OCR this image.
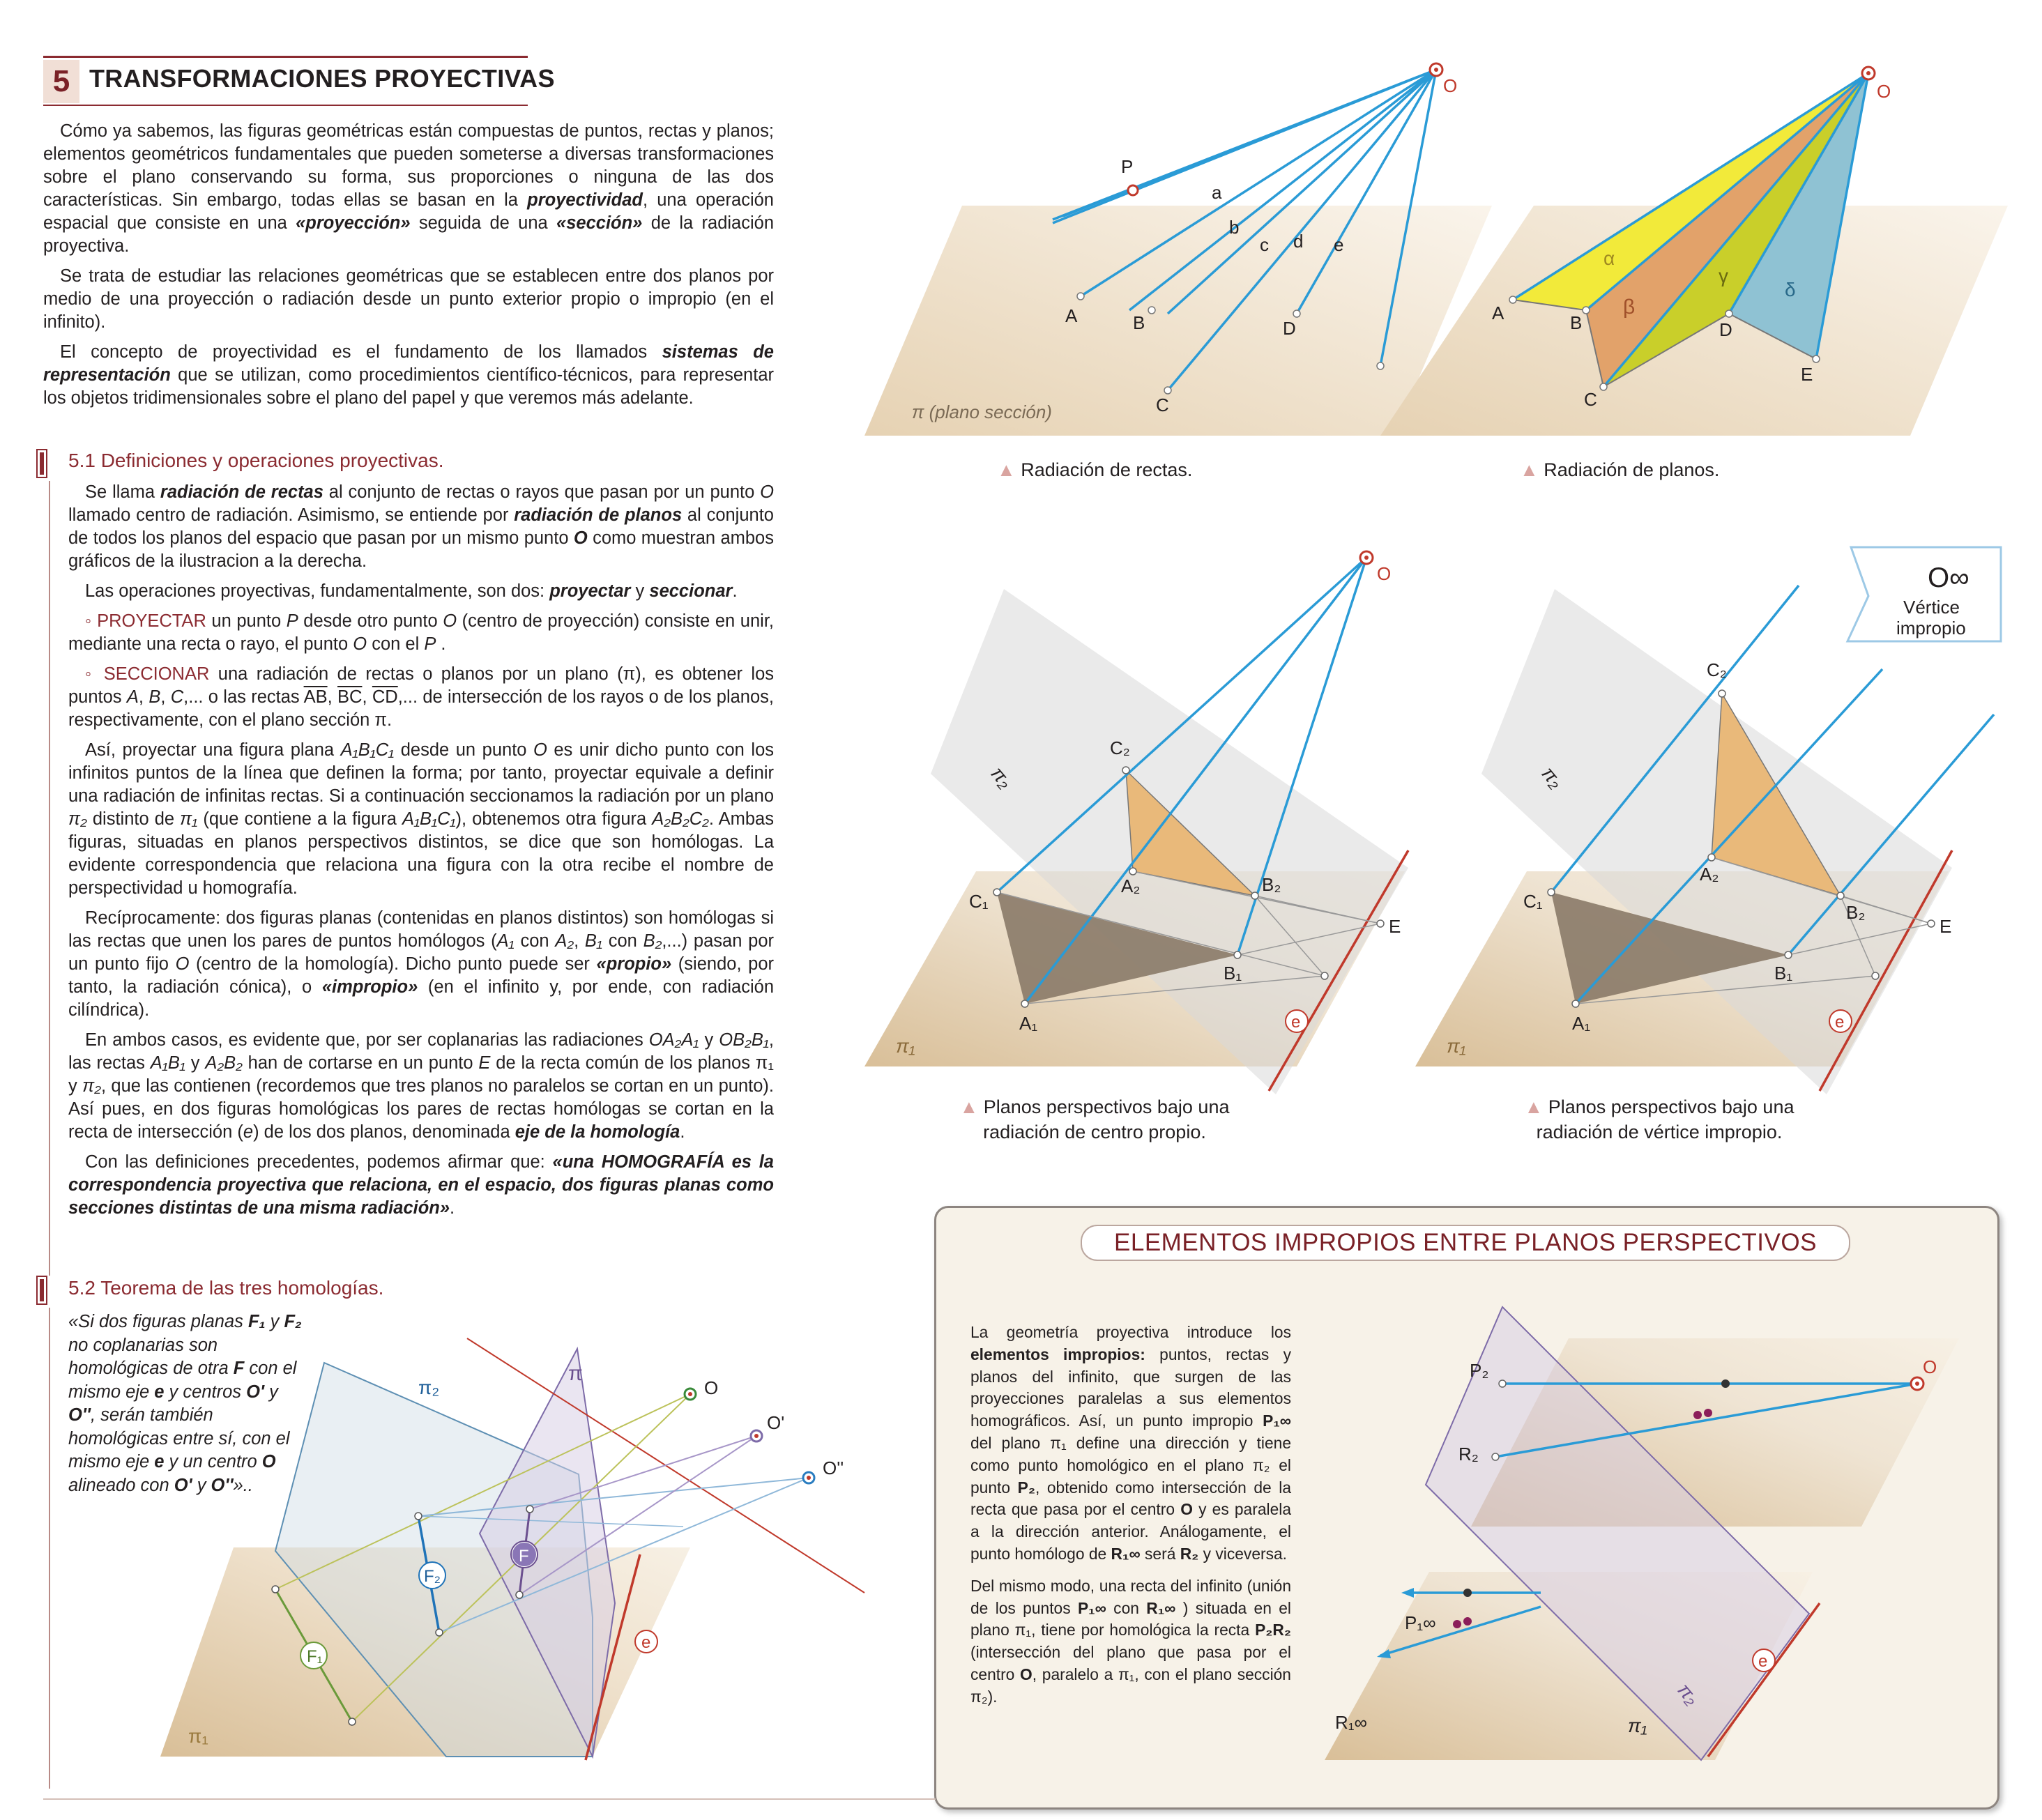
5 TRANSFORMACIONES PROYECTIVAS

Cómo ya sabemos, las figuras geométricas están compuestas de puntos, rectas y planos; elementos geométricos fundamentales que pueden someterse a diversas transformaciones sobre el plano conservando su forma, sus proporciones o ninguna de las dos características. Sin embargo, todas ellas se basan en la proyectividad, una operación espacial que consiste en una «proyección» seguida de una «sección» de la radiación proyectiva.

Se trata de estudiar las relaciones geométricas que se establecen entre dos planos por medio de una proyección o radiación desde un punto exterior propio o impropio (en el infinito).

El concepto de proyectividad es el fundamento de los llamados sistemas de representación que se utilizan, como procedimientos científico-técnicos, para representar los objetos tridimensionales sobre el plano del papel y que veremos más adelante.

5.1 Definiciones y operaciones proyectivas.

Se llama radiación de rectas al conjunto de rectas o rayos que pasan por un punto O llamado centro de radiación. Asimismo, se entiende por radiación de planos al conjunto de todos los planos del espacio que pasan por un mismo punto O como muestran ambos gráficos de la ilustracion a la derecha.

Las operaciones proyectivas, fundamentalmente, son dos: proyectar y seccionar.

◦ PROYECTAR un punto P desde otro punto O (centro de proyección) consiste en unir, mediante una recta o rayo, el punto O con el P .

◦ SECCIONAR una radiación de rectas o planos por un plano (π), es obtener los puntos A, B, C,... o las rectas $\overline{AB}$, $\overline{BC}$, $\overline{CD}$,... de intersección de los rayos o de los planos, respectivamente, con el plano sección π.

Así, proyectar una figura plana A₁B₁C₁ desde un punto O es unir dicho punto con los infinitos puntos de la línea que definen la forma; por tanto, proyectar equivale a definir una radiación de infinitas rectas. Si a continuación seccionamos la radiación por un plano π₂ distinto de π₁ (que contiene a la figura A₁B₁C₁), obtenemos otra figura A₂B₂C₂. Ambas figuras, situadas en planos perspectivos distintos, se dice que son homólogas. La evidente correspondencia que relaciona una figura con la otra recibe el nombre de perspectividad u homografía.

Recíprocamente: dos figuras planas (contenidas en planos distintos) son homólogas si las rectas que unen los pares de puntos homólogos (A₁ con A₂, B₁ con B₂,...) pasan por un punto fijo O (centro de la homología). Dicho punto puede ser «propio» (siendo, por tanto, la radiación cónica), o «impropio» (en el infinito y, por ende, con radiación cilíndrica).

En ambos casos, es evidente que, por ser coplanarias las radiaciones OA₂A₁ y OB₂B₁, las rectas A₁B₁ y A₂B₂ han de cortarse en un punto E de la recta común de los planos π₁ y π₂, que las contienen (recordemos que tres planos no paralelos se cortan en un punto). Así pues, en dos figuras homológicas los pares de rectas homólogas se cortan en la recta de intersección (e) de los dos planos, denominada eje de la homología.

Con las definiciones precedentes, podemos afirmar que: «una HOMOGRAFÍA es la correspondencia proyectiva que relaciona, en el espacio, dos figuras planas como secciones distintas de una misma radiación».

5.2 Teorema de las tres homologías.
«Si dos figuras planas F₁ y F₂ no coplanarias son homológicas de otra F con el mismo eje e y centros O' y O'', serán también homológicas entre sí, con el mismo eje e y un centro O alineado con O' y O''»..
F₁
F₂
F
e
O
O'
O''
π
π₂
π₁
O
P
a
b
c d e
A	B
C
D
π (plano sección)
O
A	B
C
D
E
α
β
γ
δ
▲ Radiación de rectas.	▲ Radiación de planos.
O
C₂
A₂	B₂
C₁
A₁
B₁
E
e
π₁
π₂
O∞
Vértice
impropio
C₂
A₂
B₂
C₁
A₁
B₁
E
e
π₁
π₂
▲ Planos perspectivos bajo una
radiación de centro propio.
▲ Planos perspectivos bajo una
radiación de vértice impropio.
ELEMENTOS IMPROPIOS ENTRE PLANOS PERSPECTIVOS

La geometría proyectiva introduce los elementos impropios: puntos, rectas y planos del infinito, que surgen de las proyecciones paralelas a sus elementos homográficos. Así, un punto impropio P₁∞ del plano π₁ define una dirección y tiene como punto homológico en el plano π₂ el punto P₂, obtenido como intersección de la recta que pasa por el centro O y es paralela a la dirección anterior. Análogamente, el punto homólogo de R₁∞ será R₂ y viceversa.

Del mismo modo, una recta del infinito (unión de los puntos P₁∞ con R₁∞ ) situada en el plano π₁, tiene por homológica la recta P₂R₂ (intersección del plano que pasa por el centro O, paralelo a π₁, con el plano sección π₂).

O
P₂
R₂
P₁∞
R₁∞
e
π₁
π₂
